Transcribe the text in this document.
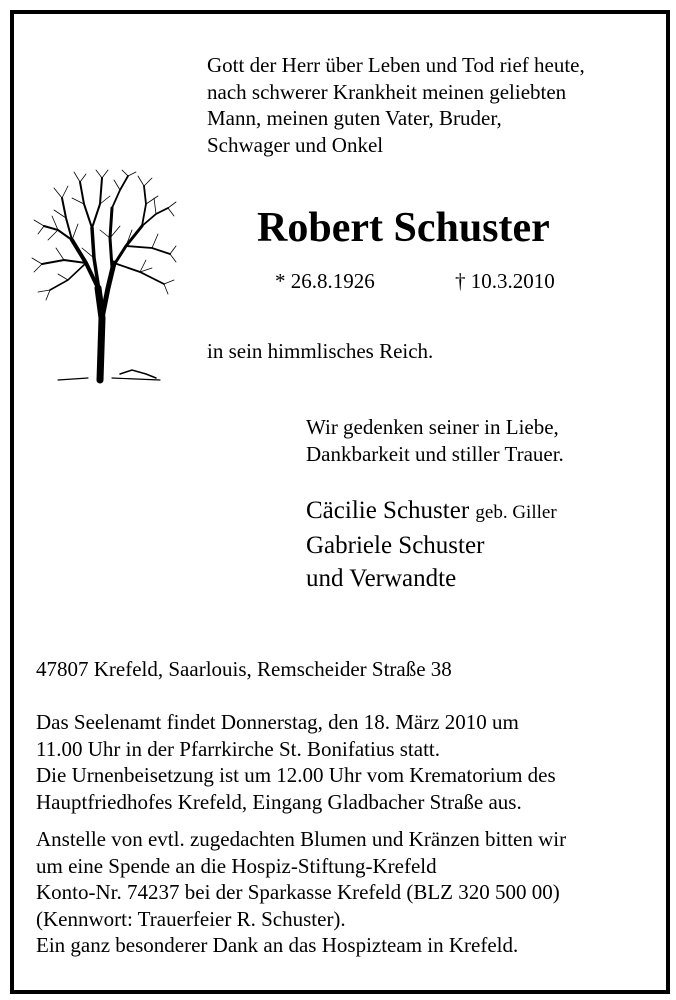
Gott der Herr über Leben und Tod rief heute,
nach schwerer Krankheit meinen geliebten
Mann, meinen guten Vater, Bruder,
Schwager und Onkel
Robert Schuster
* 26.8.1926	† 10.3.2010
in sein himmlisches Reich.
Wir gedenken seiner in Liebe,
Dankbarkeit und stiller Trauer.
Cäcilie Schuster geb. Giller
Gabriele Schuster
und Verwandte
47807 Krefeld, Saarlouis, Remscheider Straße 38
Das Seelenamt findet Donnerstag, den 18. März 2010 um
11.00 Uhr in der Pfarrkirche St. Bonifatius statt.
Die Urnenbeisetzung ist um 12.00 Uhr vom Krematorium des
Hauptfriedhofes Krefeld, Eingang Gladbacher Straße aus.
Anstelle von evtl. zugedachten Blumen und Kränzen bitten wir
um eine Spende an die Hospiz-Stiftung-Krefeld
Konto-Nr. 74237 bei der Sparkasse Krefeld (BLZ 320 500 00)
(Kennwort: Trauerfeier R. Schuster).
Ein ganz besonderer Dank an das Hospizteam in Krefeld.
